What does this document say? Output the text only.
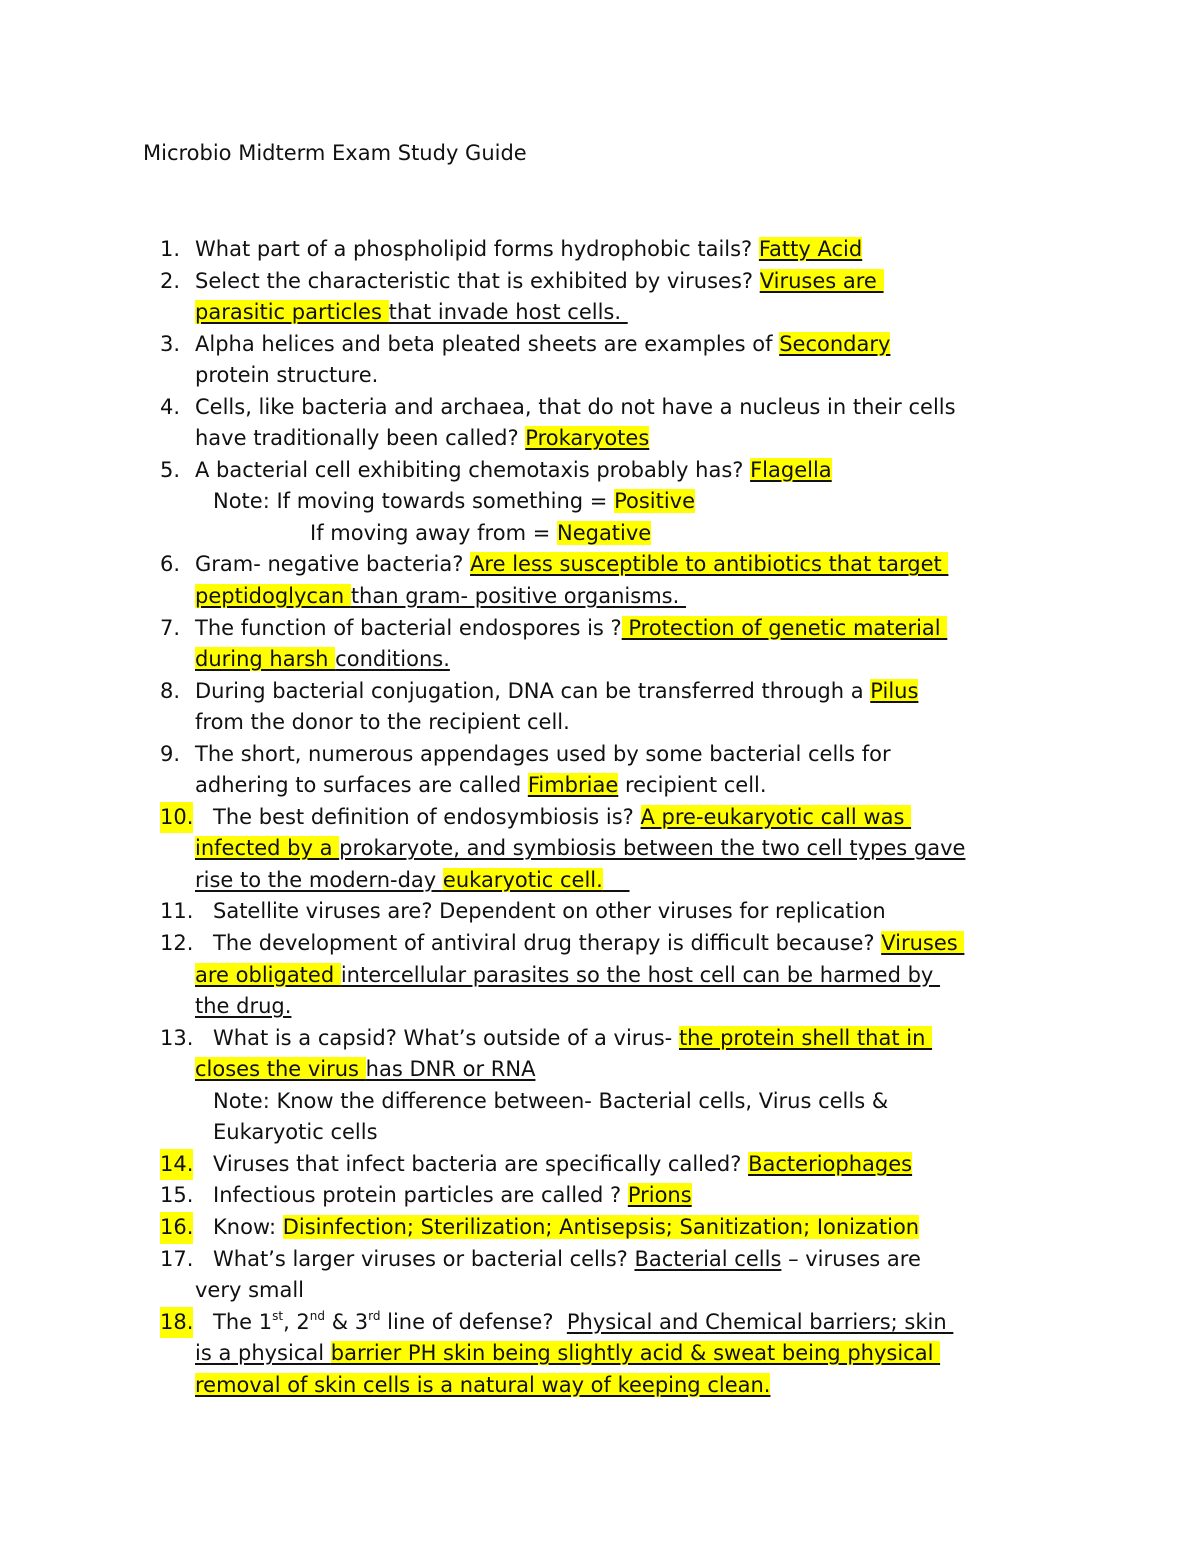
Microbio Midterm Exam Study Guide
1. What part of a phospholipid forms hydrophobic tails? Fatty Acid
2. Select the characteristic that is exhibited by viruses? Viruses are
parasitic particles that invade host cells.
3. Alpha helices and beta pleated sheets are examples of Secondary
protein structure.
4. Cells, like bacteria and archaea, that do not have a nucleus in their cells
have traditionally been called? Prokaryotes
5. A bacterial cell exhibiting chemotaxis probably has? Flagella
Note: If moving towards something = Positive
If moving away from = Negative
6. Gram- negative bacteria? Are less susceptible to antibiotics that target
peptidoglycan than gram- positive organisms.
7. The function of bacterial endospores is ? Protection of genetic material
during harsh conditions.
8. During bacterial conjugation, DNA can be transferred through a Pilus
from the donor to the recipient cell.
9. The short, numerous appendages used by some bacterial cells for
adhering to surfaces are called Fimbriae recipient cell.
10. The best definition of endosymbiosis is? A pre-eukaryotic call was
infected by a prokaryote, and symbiosis between the two cell types gave
rise to the modern-day eukaryotic cell.
11. Satellite viruses are? Dependent on other viruses for replication
12. The development of antiviral drug therapy is difficult because? Viruses
are obligated intercellular parasites so the host cell can be harmed by
the drug.
13. What is a capsid? What’s outside of a virus- the protein shell that in
closes the virus has DNR or RNA
Note: Know the difference between- Bacterial cells, Virus cells &
Eukaryotic cells
14. Viruses that infect bacteria are specifically called? Bacteriophages
15. Infectious protein particles are called ? Prions
16. Know: Disinfection; Sterilization; Antisepsis; Sanitization; Ionization
17. What’s larger viruses or bacterial cells? Bacterial cells – viruses are
very small
18. The 1st, 2nd & 3rd line of defense?  Physical and Chemical barriers; skin
is a physical barrier PH skin being slightly acid & sweat being physical
removal of skin cells is a natural way of keeping clean.
